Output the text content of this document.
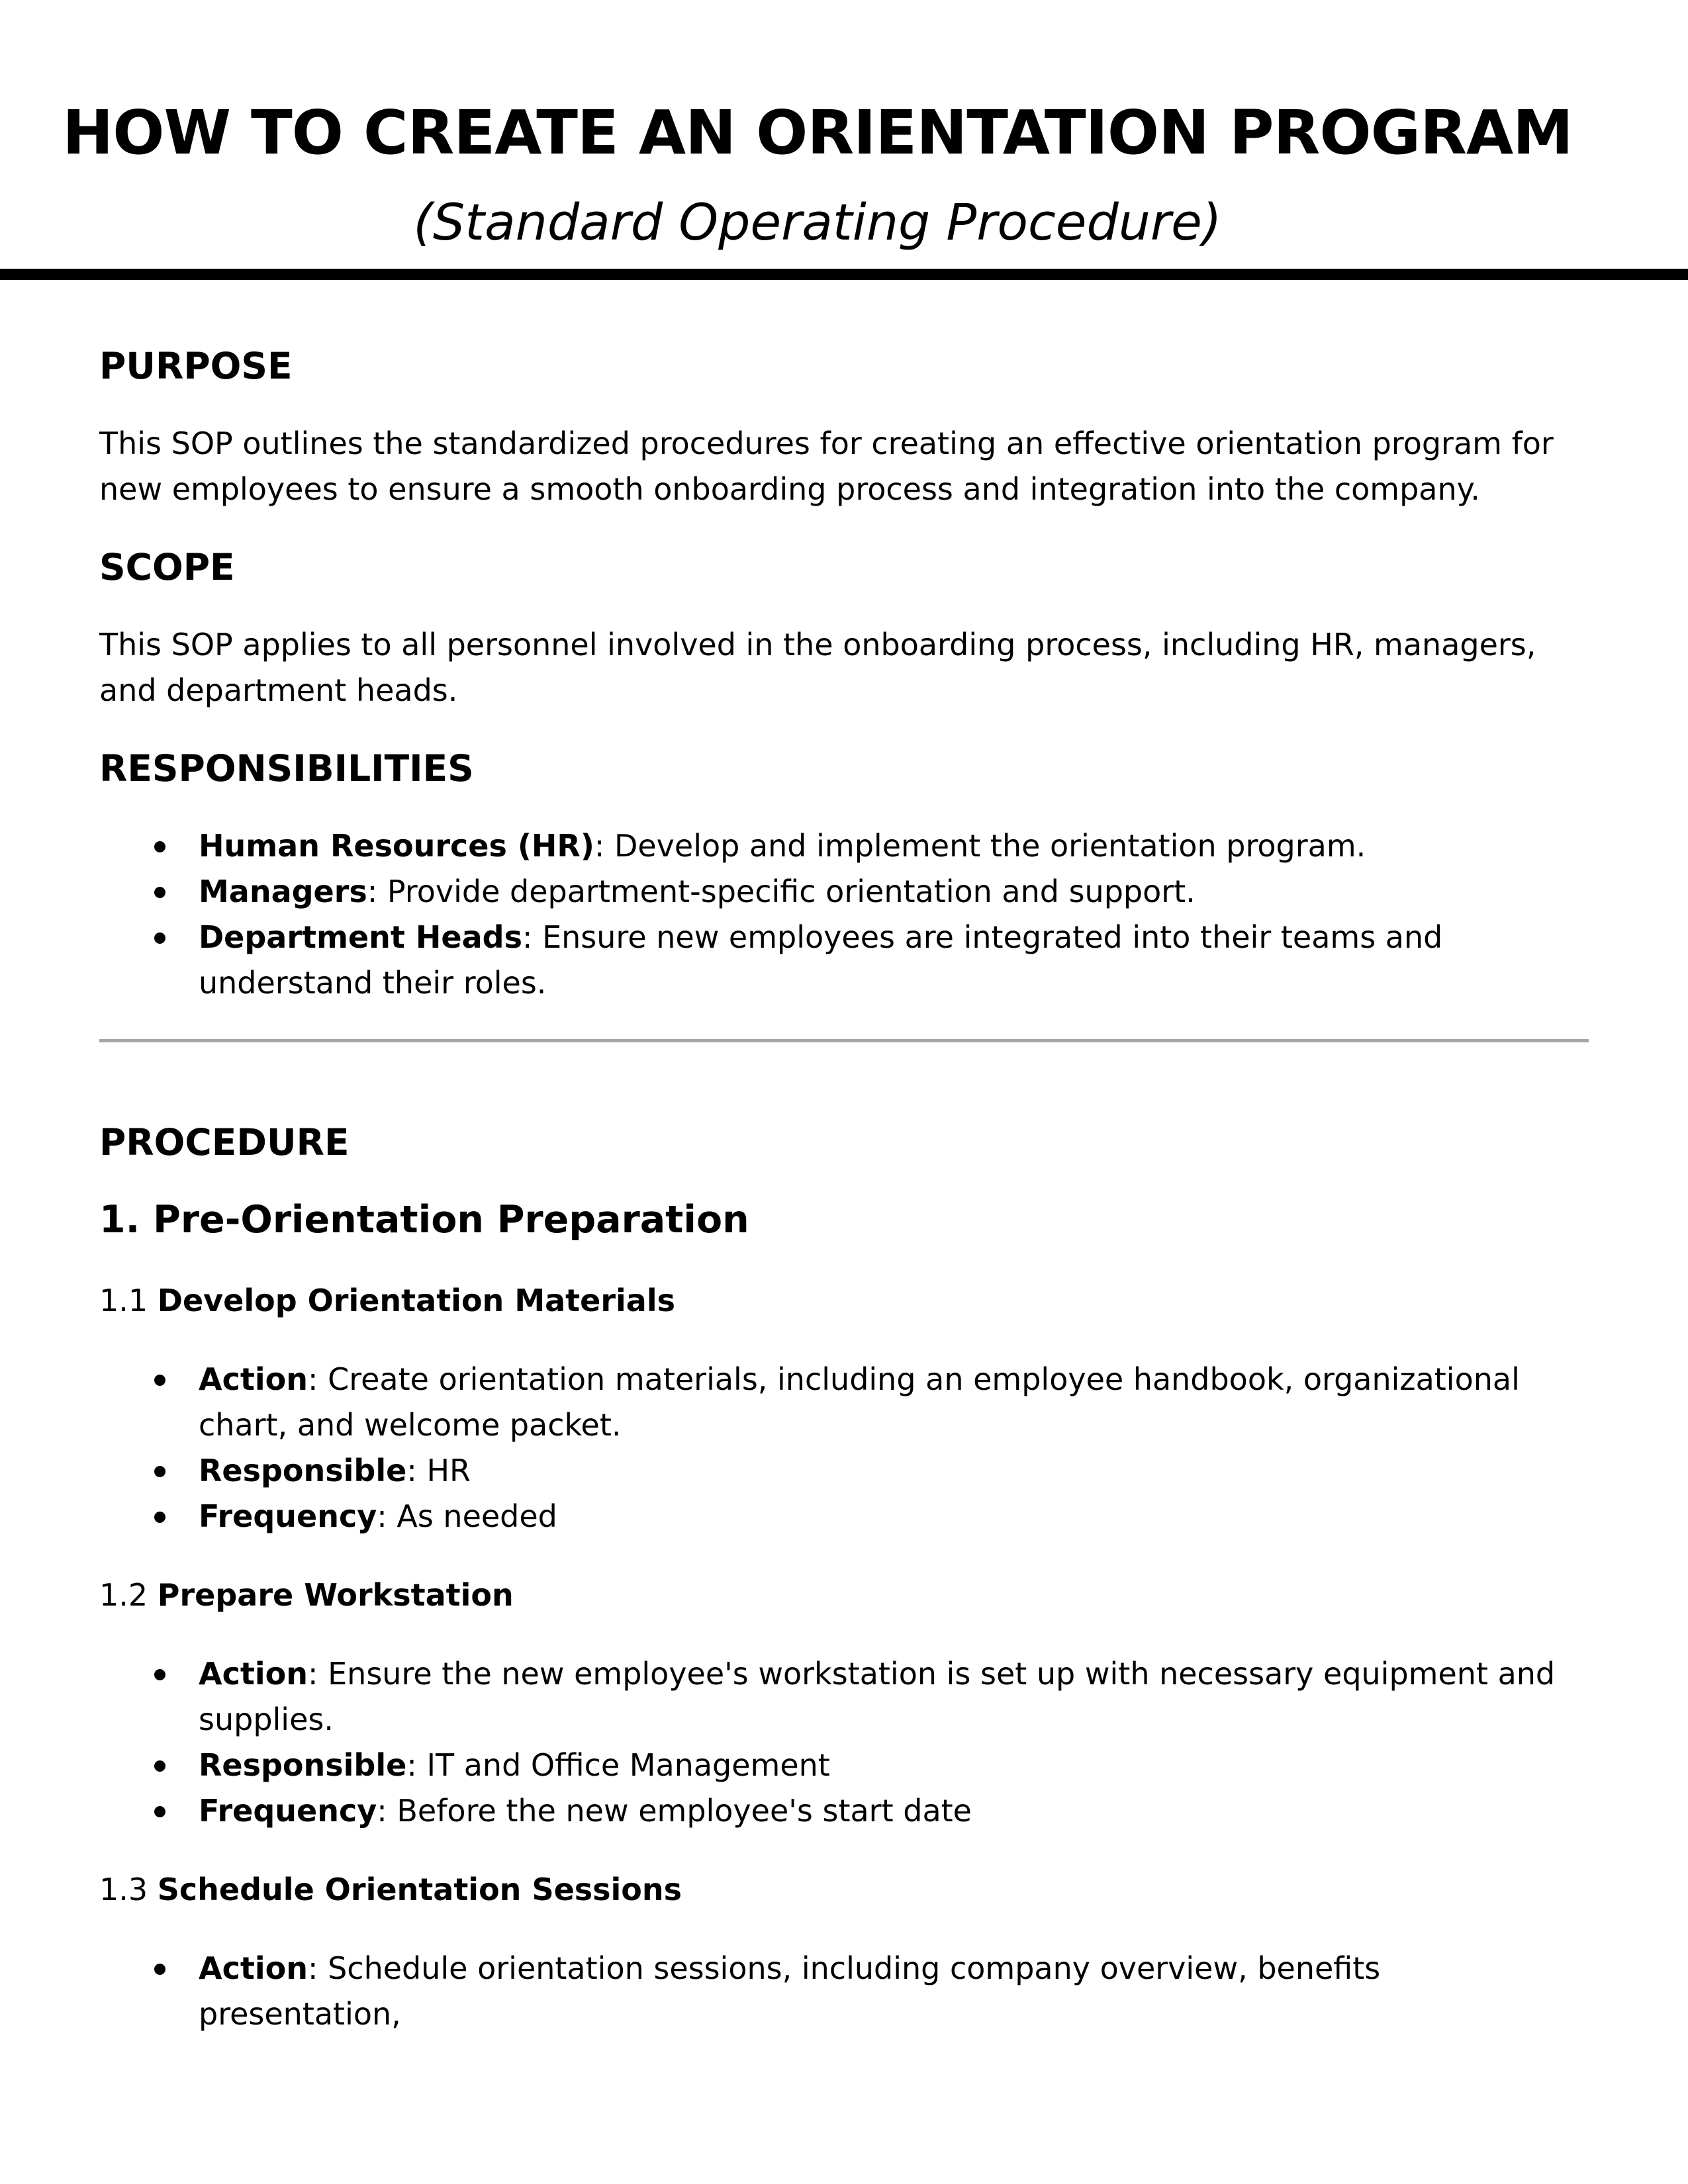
HOW TO CREATE AN ORIENTATION PROGRAM
(Standard Operating Procedure)
PURPOSE

This SOP outlines the standardized procedures for creating an effective orientation program for new employees to ensure a smooth onboarding process and integration into the company.

SCOPE

This SOP applies to all personnel involved in the onboarding process, including HR, managers, and department heads.

RESPONSIBILITIES
Human Resources (HR): Develop and implement the orientation program.
Managers: Provide department-specific orientation and support.
Department Heads: Ensure new employees are integrated into their teams and understand their roles.
PROCEDURE
1. Pre-Orientation Preparation
1.1 Develop Orientation Materials
Action: Create orientation materials, including an employee handbook, organizational chart, and welcome packet.
Responsible: HR
Frequency: As needed
1.2 Prepare Workstation
Action: Ensure the new employee's workstation is set up with necessary equipment and supplies.
Responsible: IT and Office Management
Frequency: Before the new employee's start date
1.3 Schedule Orientation Sessions
Action: Schedule orientation sessions, including company overview, benefits presentation,
